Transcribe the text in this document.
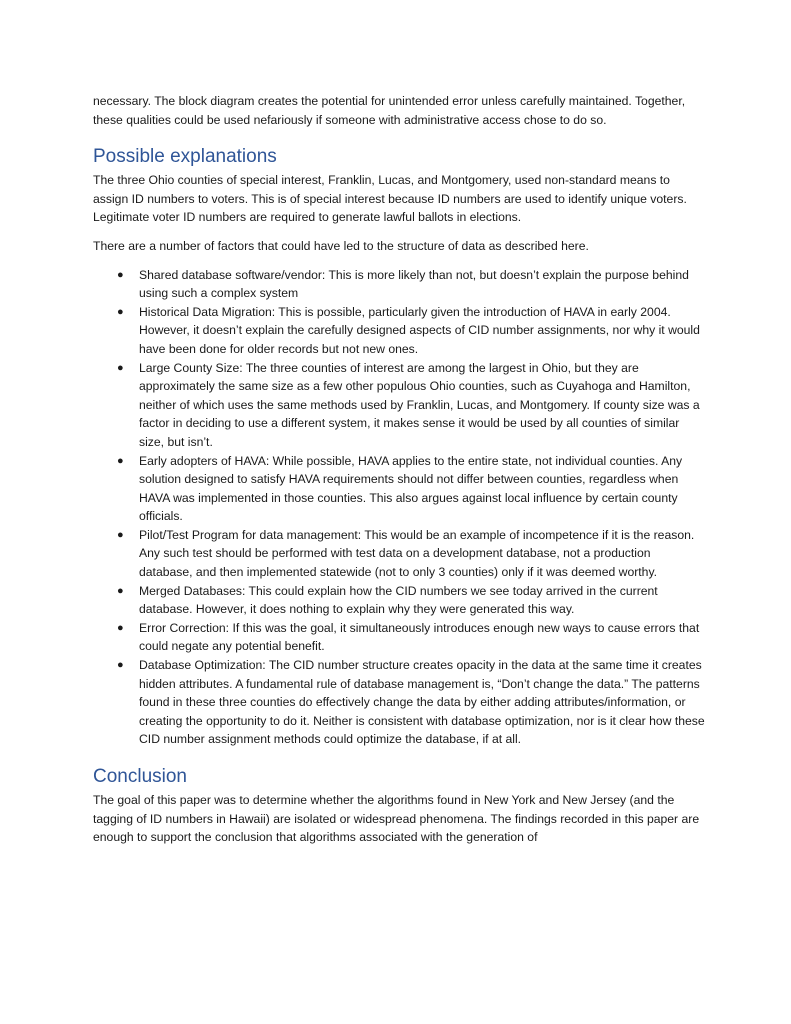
necessary. The block diagram creates the potential for unintended error unless carefully maintained. Together, these qualities could be used nefariously if someone with administrative access chose to do so.

Possible explanations

The three Ohio counties of special interest, Franklin, Lucas, and Montgomery, used non-standard means to assign ID numbers to voters. This is of special interest because ID numbers are used to identify unique voters. Legitimate voter ID numbers are required to generate lawful ballots in elections.

There are a number of factors that could have led to the structure of data as described here.

● Shared database software/vendor: This is more likely than not, but doesn’t explain the purpose behind using such a complex system
● Historical Data Migration: This is possible, particularly given the introduction of HAVA in early 2004. However, it doesn’t explain the carefully designed aspects of CID number assignments, nor why it would have been done for older records but not new ones.
● Large County Size: The three counties of interest are among the largest in Ohio, but they are approximately the same size as a few other populous Ohio counties, such as Cuyahoga and Hamilton, neither of which uses the same methods used by Franklin, Lucas, and Montgomery. If county size was a factor in deciding to use a different system, it makes sense it would be used by all counties of similar size, but isn’t.
● Early adopters of HAVA: While possible, HAVA applies to the entire state, not individual counties. Any solution designed to satisfy HAVA requirements should not differ between counties, regardless when HAVA was implemented in those counties. This also argues against local influence by certain county officials.
● Pilot/Test Program for data management: This would be an example of incompetence if it is the reason. Any such test should be performed with test data on a development database, not a production database, and then implemented statewide (not to only 3 counties) only if it was deemed worthy.
● Merged Databases: This could explain how the CID numbers we see today arrived in the current database. However, it does nothing to explain why they were generated this way.
● Error Correction: If this was the goal, it simultaneously introduces enough new ways to cause errors that could negate any potential benefit.
● Database Optimization: The CID number structure creates opacity in the data at the same time it creates hidden attributes. A fundamental rule of database management is, “Don’t change the data.” The patterns found in these three counties do effectively change the data by either adding attributes/information, or creating the opportunity to do it. Neither is consistent with database optimization, nor is it clear how these CID number assignment methods could optimize the database, if at all.
Conclusion

The goal of this paper was to determine whether the algorithms found in New York and New Jersey (and the tagging of ID numbers in Hawaii) are isolated or widespread phenomena. The findings recorded in this paper are enough to support the conclusion that algorithms associated with the generation of
